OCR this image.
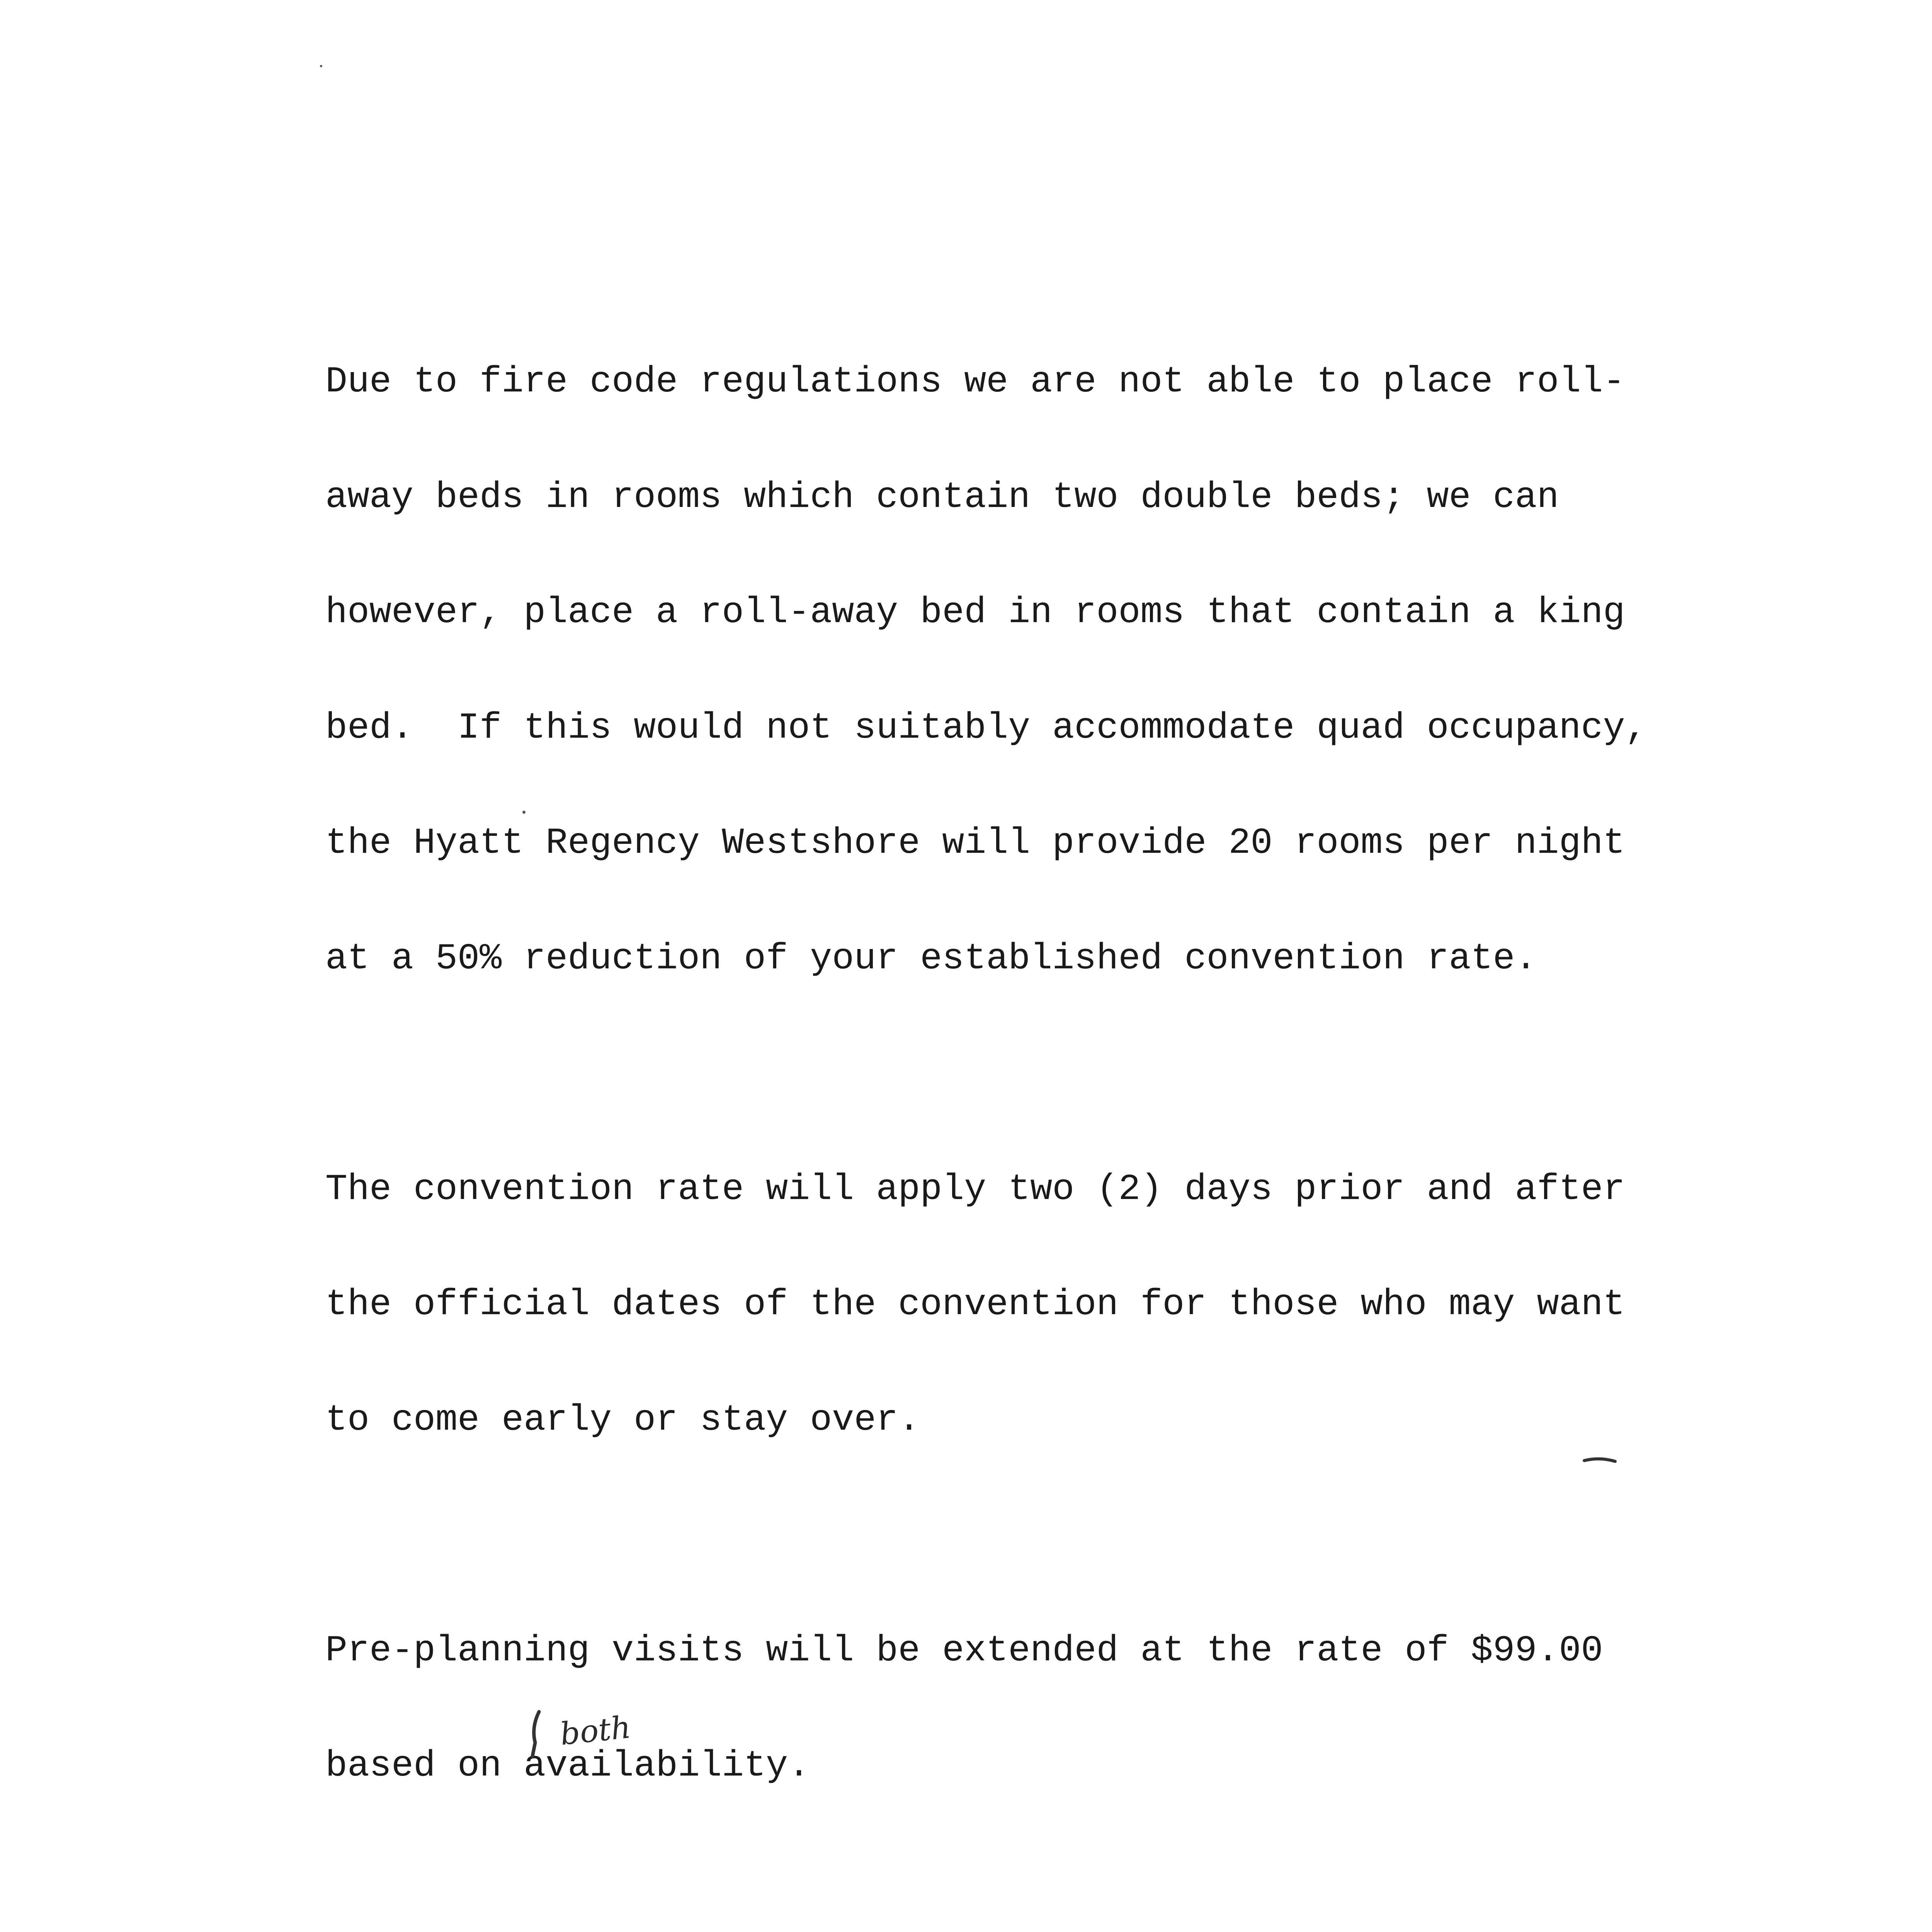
Due to fire code regulations we are not able to place roll-

away beds in rooms which contain two double beds; we can

however, place a roll-away bed in rooms that contain a king

bed.  If this would not suitably accommodate quad occupancy,

the Hyatt Regency Westshore will provide 20 rooms per night

at a 50% reduction of your established convention rate.

The convention rate will apply two (2) days prior and after

the official dates of the convention for those who may want

to come early or stay over.

Pre-planning visits will be extended at the rate of $99.00

based on availability.

both
